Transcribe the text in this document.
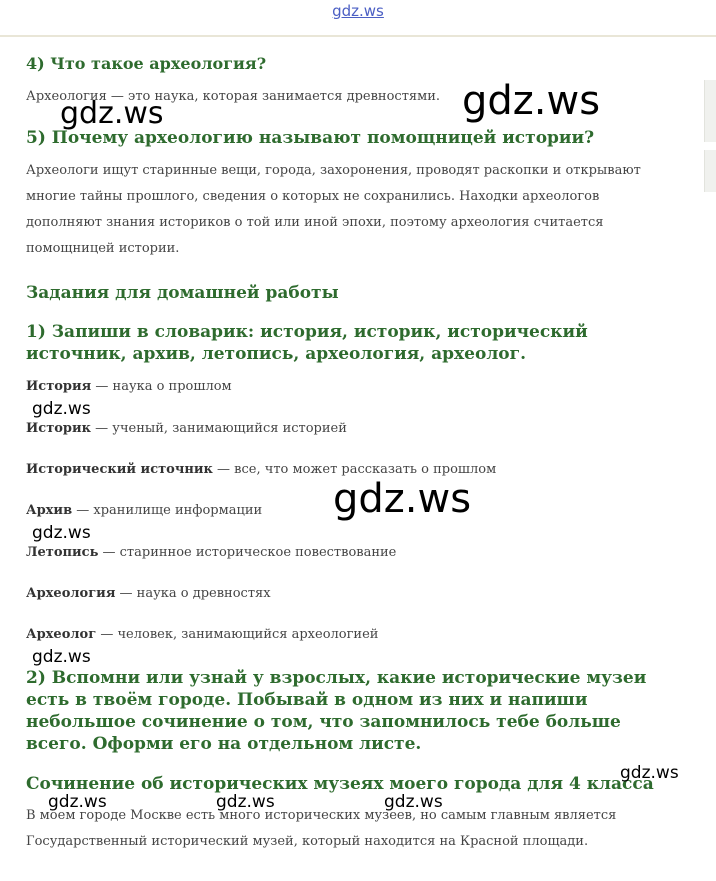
gdz.ws
4) Что такое археология?

Археология — это наука, которая занимается древностями.

5) Почему археологию называют помощницей истории?

Археологи ищут старинные вещи, города, захоронения, проводят раскопки и открывают многие тайны прошлого, сведения о которых не сохранились. Находки археологов дополняют знания историков о той или иной эпохи, поэтому археология считается помощницей истории.

Задания для домашней работы
1) Запиши в словарик: история, историк, исторический источник, архив, летопись, археология, археолог.

История — наука о прошлом

Историк — ученый, занимающийся историей

Исторический источник — все, что может рассказать о прошлом

Архив — хранилище информации

Летопись — старинное историческое повествование

Археология — наука о древностях

Археолог — человек, занимающийся археологией

2) Вспомни или узнай у взрослых, какие исторические музеи есть в твоём городе. Побывай в одном из них и напиши небольшое сочинение о том, что запомнилось тебе больше всего. Оформи его на отдельном листе.
Сочинение об исторических музеях моего города для 4 класса

В моем городе Москве есть много исторических музеев, но самым главным является Государственный исторический музей, который находится на Красной площади.

gdz.ws
gdz.ws
gdz.ws
gdz.ws
gdz.ws
gdz.ws
gdz.ws
gdz.ws	gdz.ws	gdz.ws
